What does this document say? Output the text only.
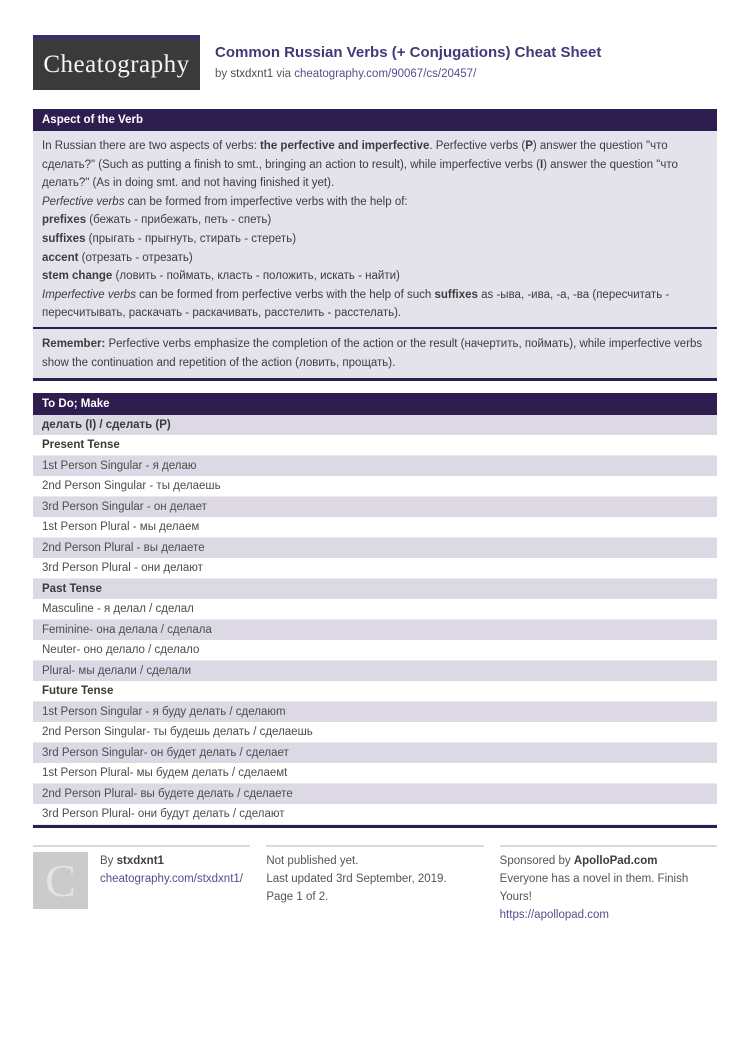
Cheatography Common Russian Verbs (+ Conjugations) Cheat Sheet
by stxdxnt1 via cheatography.com/90067/cs/20457/
Aspect of the Verb
In Russian there are two aspects of verbs: the perfective and imperfective. Perfective verbs (P) answer the question "что сделать?" (Such as putting a finish to smt., bringing an action to result), while imperfective verbs (I) answer the question "что делать?" (As in doing smt. and not having finished it yet).
Perfective verbs can be formed from imperfective verbs with the help of:
prefixes (бежать - прибежать, петь - спеть)
suffixes (прыгать - прыгнуть, стирать - стереть)
accent (отрезать - отрезать)
stem change (ловить - поймать, класть - положить, искать - найти)
Imperfective verbs can be formed from perfective verbs with the help of such suffixes as -ыва, -ива, -а, -ва (пересчитать - пересчитывать, раскачать - раскачивать, расстелить - расстелать).
Remember: Perfective verbs emphasize the completion of the action or the result (начертить, поймать), while imperfective verbs show the continuation and repetition of the action (ловить, прощать).
To Do; Make
делать (I) / сделать (P)
Present Tense
1st Person Singular - я делаю
2nd Person Singular - ты делаешь
3rd Person Singular - он делает
1st Person Plural - мы делаем
2nd Person Plural - вы делаете
3rd Person Plural - они делают
Past Tense
Masculine - я делал / сделал
Feminine- она делала / сделала
Neuter- оно делало / сделало
Plural- мы делали / сделали
Future Tense
1st Person Singular - я буду делать / сделаюm
2nd Person Singular- ты будешь делать / сделаешь
3rd Person Singular- он будет делать / сделает
1st Person Plural- мы будем делать / сделаемt
2nd Person Plural- вы будете делать / сделаете
3rd Person Plural- они будут делать / сделают
C By stxdxnt1
cheatography.com/stxdxnt1/
Not published yet.
Last updated 3rd September, 2019.
Page 1 of 2.
Sponsored by ApolloPad.com
Everyone has a novel in them. Finish Yours!
https://apollopad.com
